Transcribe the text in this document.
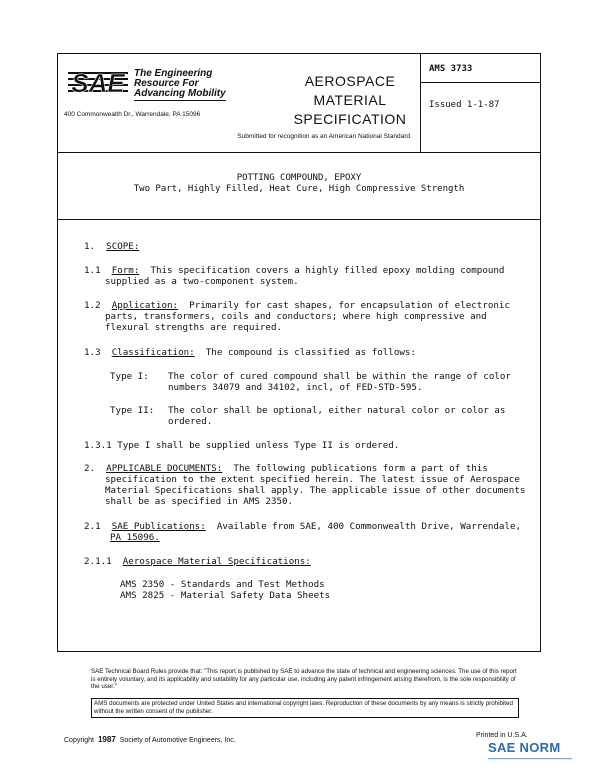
SAE The Engineering
Resource For
Advancing Mobility
400 Commonwealth Dr., Warrendale, PA 15096
AEROSPACE
MATERIAL
SPECIFICATION
Submitted for recognition as an American National Standard
AMS 3733
Issued 1-1-87
POTTING COMPOUND, EPOXY
Two Part, Highly Filled, Heat Cure, High Compressive Strength
1. SCOPE:
1.1 Form: This specification covers a highly filled epoxy molding compound
supplied as a two-component system.
1.2 Application: Primarily for cast shapes, for encapsulation of electronic
parts, transformers, coils and conductors; where high compressive and
flexural strengths are required.
1.3 Classification: The compound is classified as follows:
Type I: The color of cured compound shall be within the range of color
numbers 34079 and 34102, incl, of FED-STD-595.
Type II: The color shall be optional, either natural color or color as
ordered.
1.3.1 Type I shall be supplied unless Type II is ordered.
2. APPLICABLE DOCUMENTS: The following publications form a part of this
specification to the extent specified herein. The latest issue of Aerospace
Material Specifications shall apply. The applicable issue of other documents
shall be as specified in AMS 2350.
2.1 SAE Publications: Available from SAE, 400 Commonwealth Drive, Warrendale,
PA 15096.
2.1.1 Aerospace Material Specifications:
AMS 2350 - Standards and Test Methods
AMS 2825 - Material Safety Data Sheets
SAE Technical Board Rules provide that: "This report is published by SAE to advance the state of technical and engineering sciences. The use of this report is entirely voluntary, and its applicability and suitability for any particular use, including any patent infringement arising therefrom, is the sole responsibility of the user."
AMS documents are protected under United States and international copyright laws. Reproduction of these documents by any means is strictly prohibited without the written consent of the publisher.
Copyright 1987 Society of Automotive Engineers, Inc.
Printed in U.S.A.
SAE NORM
